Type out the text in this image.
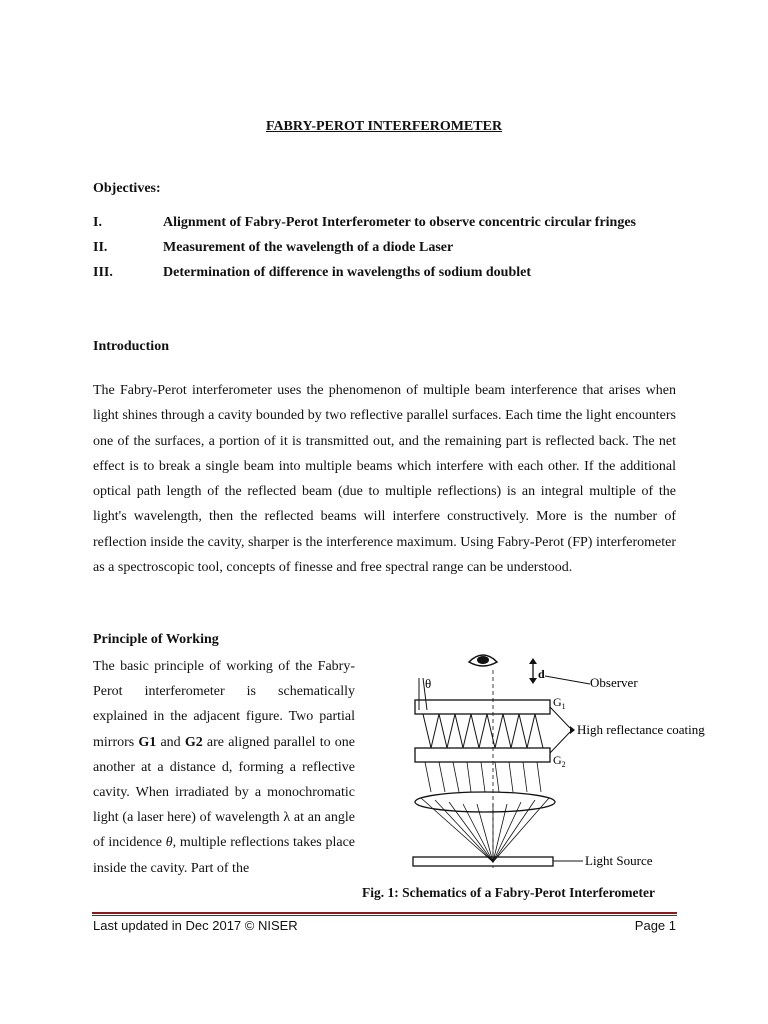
FABRY-PEROT INTERFEROMETER
Objectives:
I.	Alignment of Fabry-Perot Interferometer to observe concentric circular fringes
II.	Measurement of the wavelength of a diode Laser
III.	Determination of difference in wavelengths of sodium doublet
Introduction

The Fabry-Perot interferometer uses the phenomenon of multiple beam interference that arises when light shines through a cavity bounded by two reflective parallel surfaces. Each time the light encounters one of the surfaces, a portion of it is transmitted out, and the remaining part is reflected back. The net effect is to break a single beam into multiple beams which interfere with each other. If the additional optical path length of the reflected beam (due to multiple reflections) is an integral multiple of the light's wavelength, then the reflected beams will interfere constructively. More is the number of reflection inside the cavity, sharper is the interference maximum. Using Fabry-Perot (FP) interferometer as a spectroscopic tool, concepts of finesse and free spectral range can be understood.

Principle of Working

The basic principle of working of the Fabry-Perot interferometer is schematically explained in the adjacent figure. Two partial mirrors G1 and G2 are aligned parallel to one another at a distance d, forming a reflective cavity. When irradiated by a monochromatic light (a laser here) of wavelength λ at an angle of incidence θ, multiple reflections takes place inside the cavity. Part of the

d
Observer
θ
$G_1$
$G_2$
High reflectance coating
Light Source
Fig. 1: Schematics of a Fabry-Perot Interferometer
Last updated in Dec 2017 © NISER	Page 1
